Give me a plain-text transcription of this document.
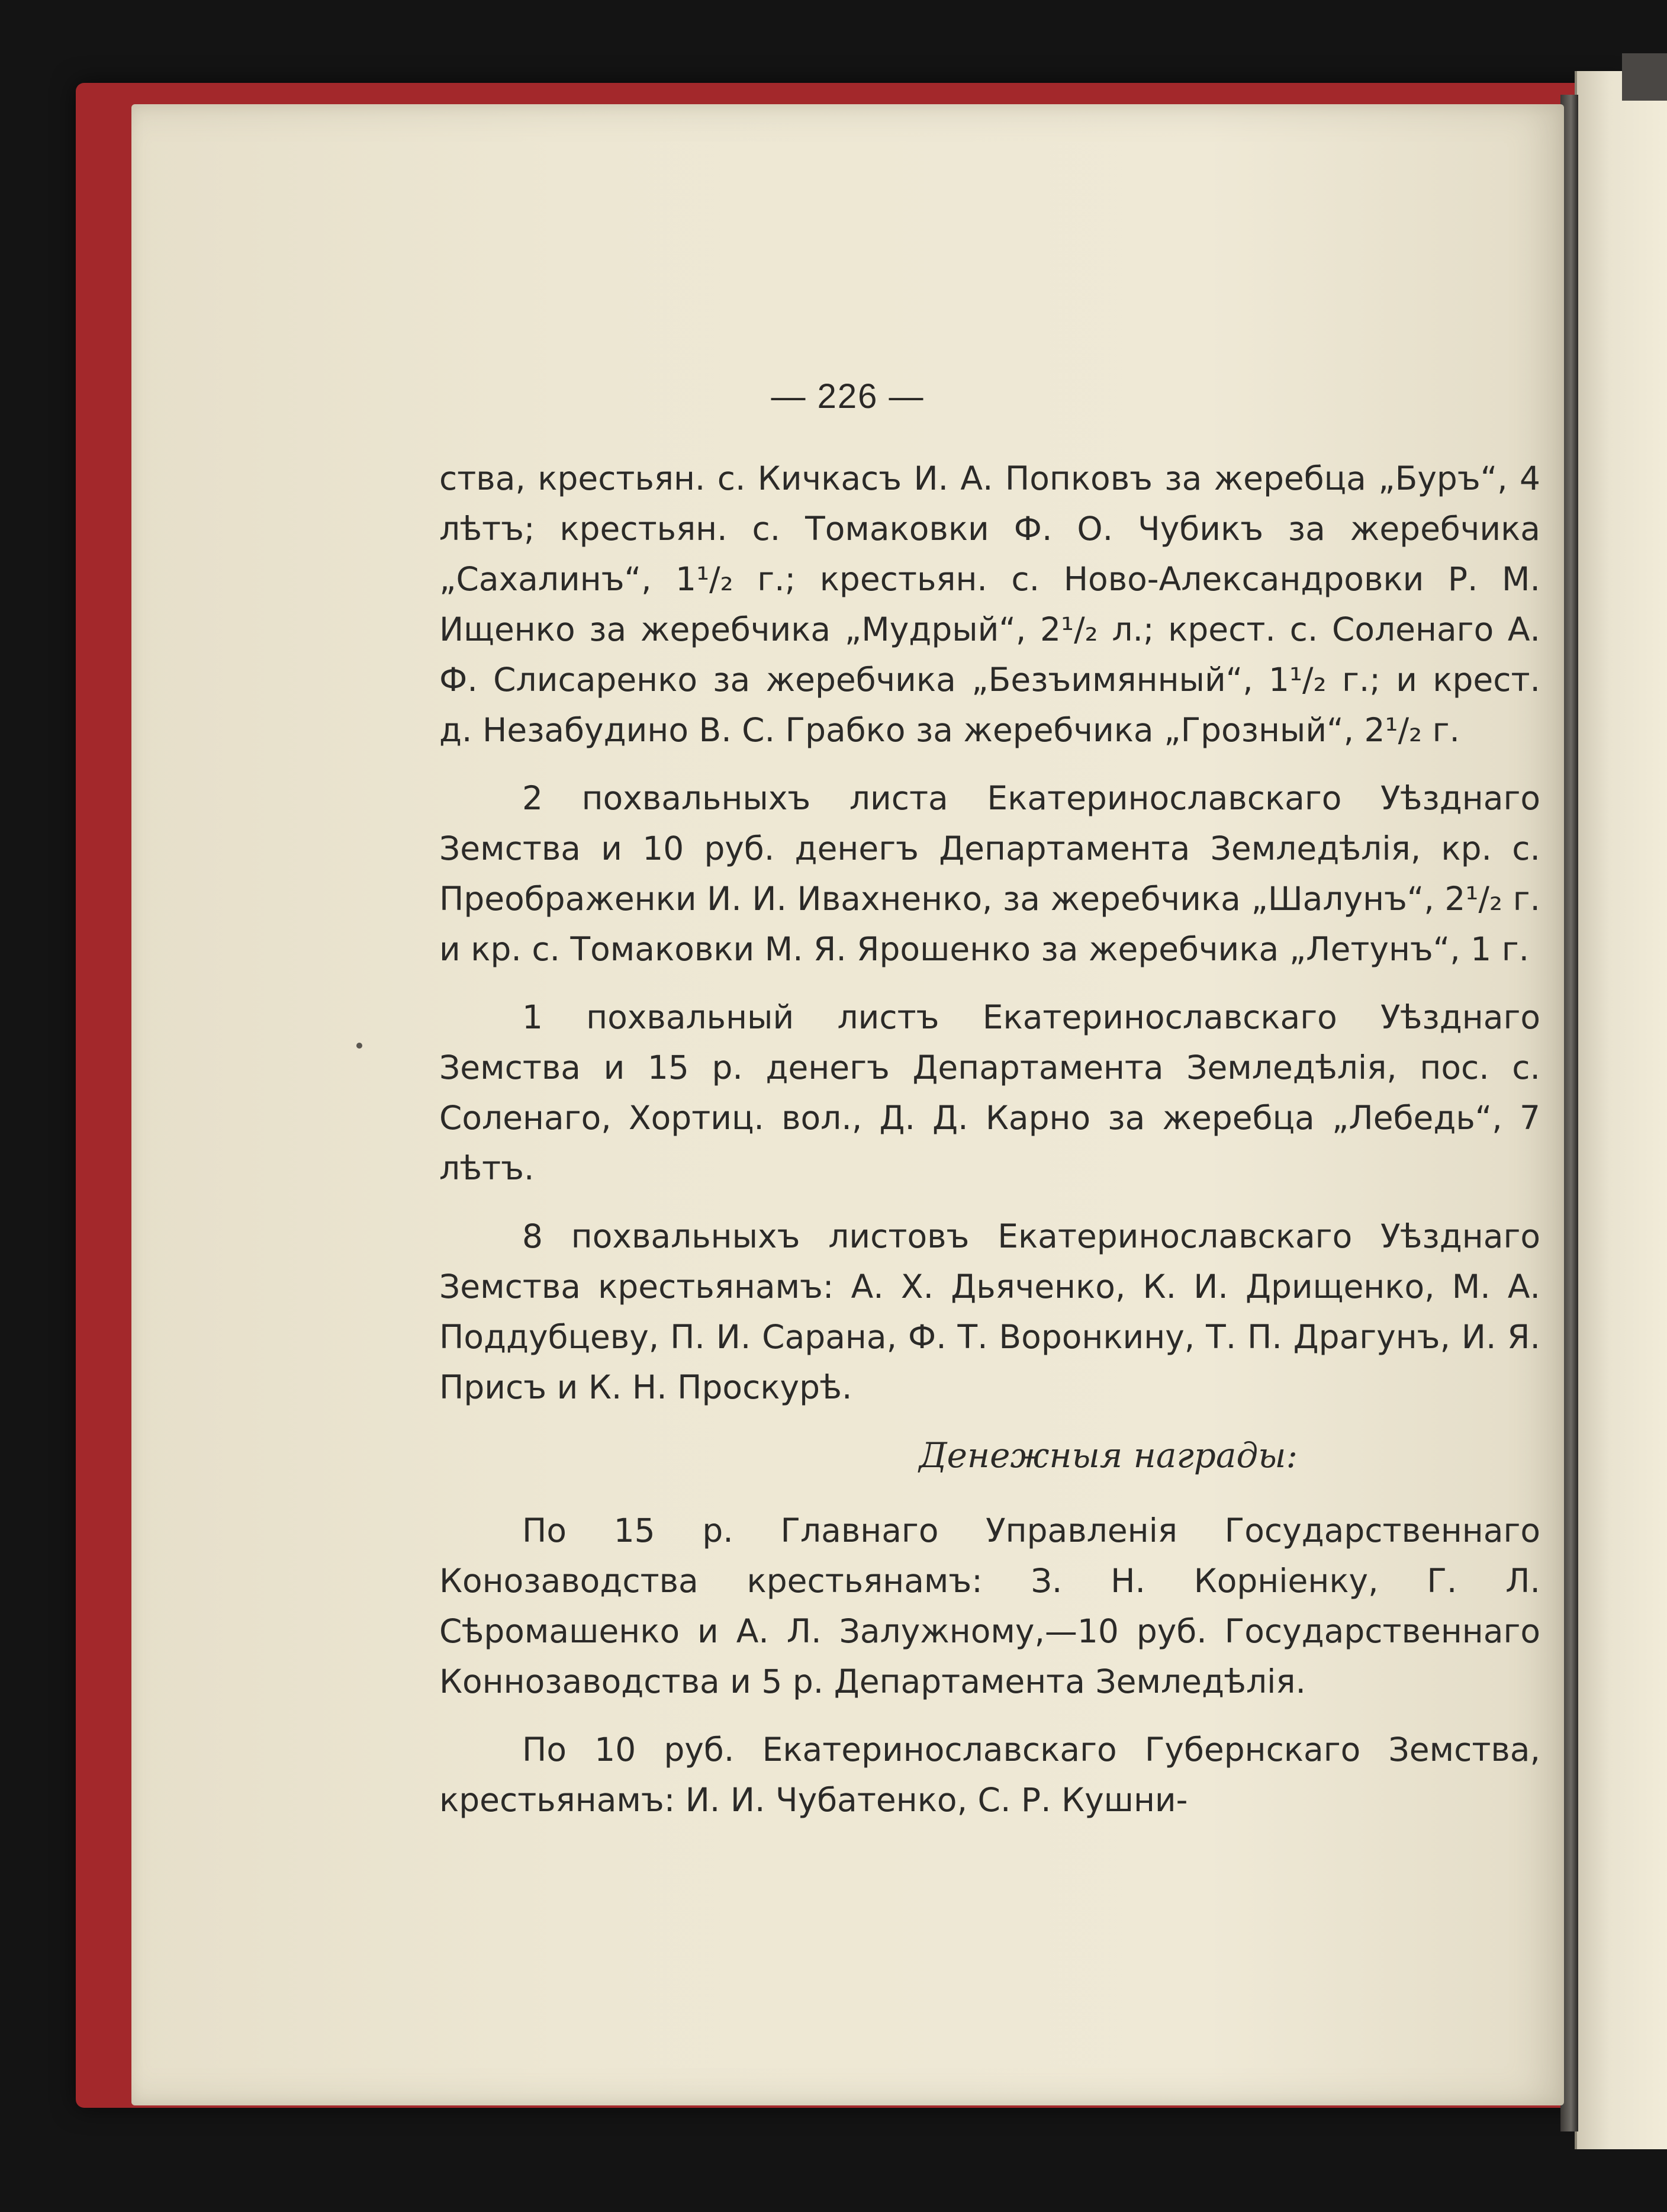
— 226 —

ства, крестьян. с. Кичкасъ И. А. Попковъ за жеребца „Буръ“, 4 лѣтъ; крестьян. с. Томаковки Ф. О. Чубикъ за жеребчика „Сахалинъ“, 1¹/₂ г.; крестьян. с. Ново-Александровки Р. М. Ищенко за жеребчика „Мудрый“, 2¹/₂ л.; крест. с. Соленаго А. Ф. Слисаренко за жеребчика „Безъимянный“, 1¹/₂ г.; и крест. д. Незабудино В. С. Грабко за жеребчика „Грозный“, 2¹/₂ г.

2 похвальныхъ листа Екатеринославскаго Уѣзднаго Земства и 10 руб. денегъ Департамента Земледѣлія, кр. с. Преображенки И. И. Ивахненко, за жеребчика „Шалунъ“, 2¹/₂ г. и кр. с. Томаковки М. Я. Ярошенко за жеребчика „Летунъ“, 1 г.

1 похвальный листъ Екатеринославскаго Уѣзднаго Земства и 15 р. денегъ Департамента Земледѣлія, пос. с. Соленаго, Хортиц. вол., Д. Д. Карно за жеребца „Лебедь“, 7 лѣтъ.

8 похвальныхъ листовъ Екатеринославскаго Уѣзднаго Земства крестьянамъ: А. Х. Дьяченко, К. И. Дрищенко, М. А. Поддубцеву, П. И. Сарана, Ф. Т. Воронкину, Т. П. Драгунъ, И. Я. Присъ и К. Н. Проскурѣ.

Денежныя награды:

По 15 р. Главнаго Управленія Государственнаго Конозаводства крестьянамъ: З. Н. Корніенку, Г. Л. Сѣромашенко и А. Л. Залужному,—10 руб. Государственнаго Коннозаводства и 5 р. Департамента Земледѣлія.

По 10 руб. Екатеринославскаго Губернскаго Земства, крестьянамъ: И. И. Чубатенко, С. Р. Кушни-
